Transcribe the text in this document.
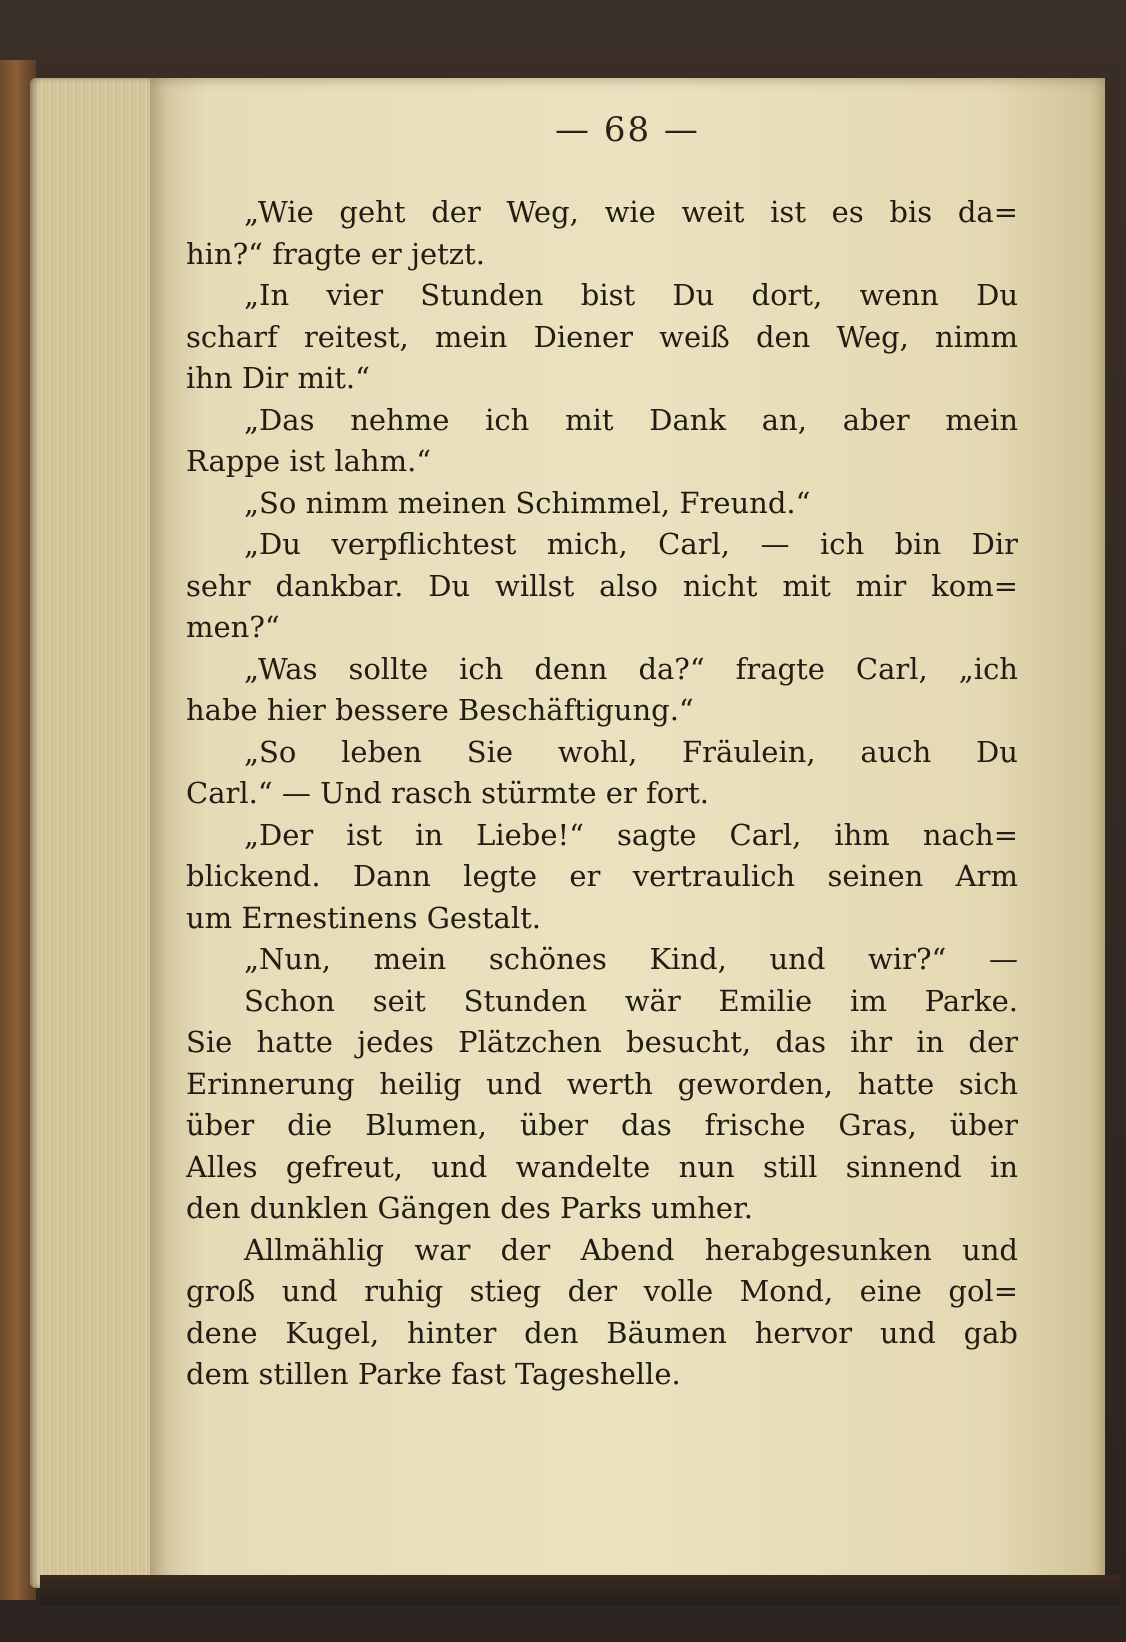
— 68 —
„Wie geht der Weg, wie weit ist es bis da=
hin?“ fragte er jetzt.
„In vier Stunden bist Du dort, wenn Du
scharf reitest, mein Diener weiß den Weg, nimm
ihn Dir mit.“
„Das nehme ich mit Dank an, aber mein
Rappe ist lahm.“
„So nimm meinen Schimmel, Freund.“
„Du verpflichtest mich, Carl, — ich bin Dir
sehr dankbar. Du willst also nicht mit mir kom=
men?“
„Was sollte ich denn da?“ fragte Carl, „ich
habe hier bessere Beschäftigung.“
„So leben Sie wohl, Fräulein, auch Du
Carl.“ — Und rasch stürmte er fort.
„Der ist in Liebe!“ sagte Carl, ihm nach=
blickend. Dann legte er vertraulich seinen Arm
um Ernestinens Gestalt.
„Nun, mein schönes Kind, und wir?“ —
Schon seit Stunden wär Emilie im Parke.
Sie hatte jedes Plätzchen besucht, das ihr in der
Erinnerung heilig und werth geworden, hatte sich
über die Blumen, über das frische Gras, über
Alles gefreut, und wandelte nun still sinnend in
den dunklen Gängen des Parks umher.
Allmählig war der Abend herabgesunken und
groß und ruhig stieg der volle Mond, eine gol=
dene Kugel, hinter den Bäumen hervor und gab
dem stillen Parke fast Tageshelle.
